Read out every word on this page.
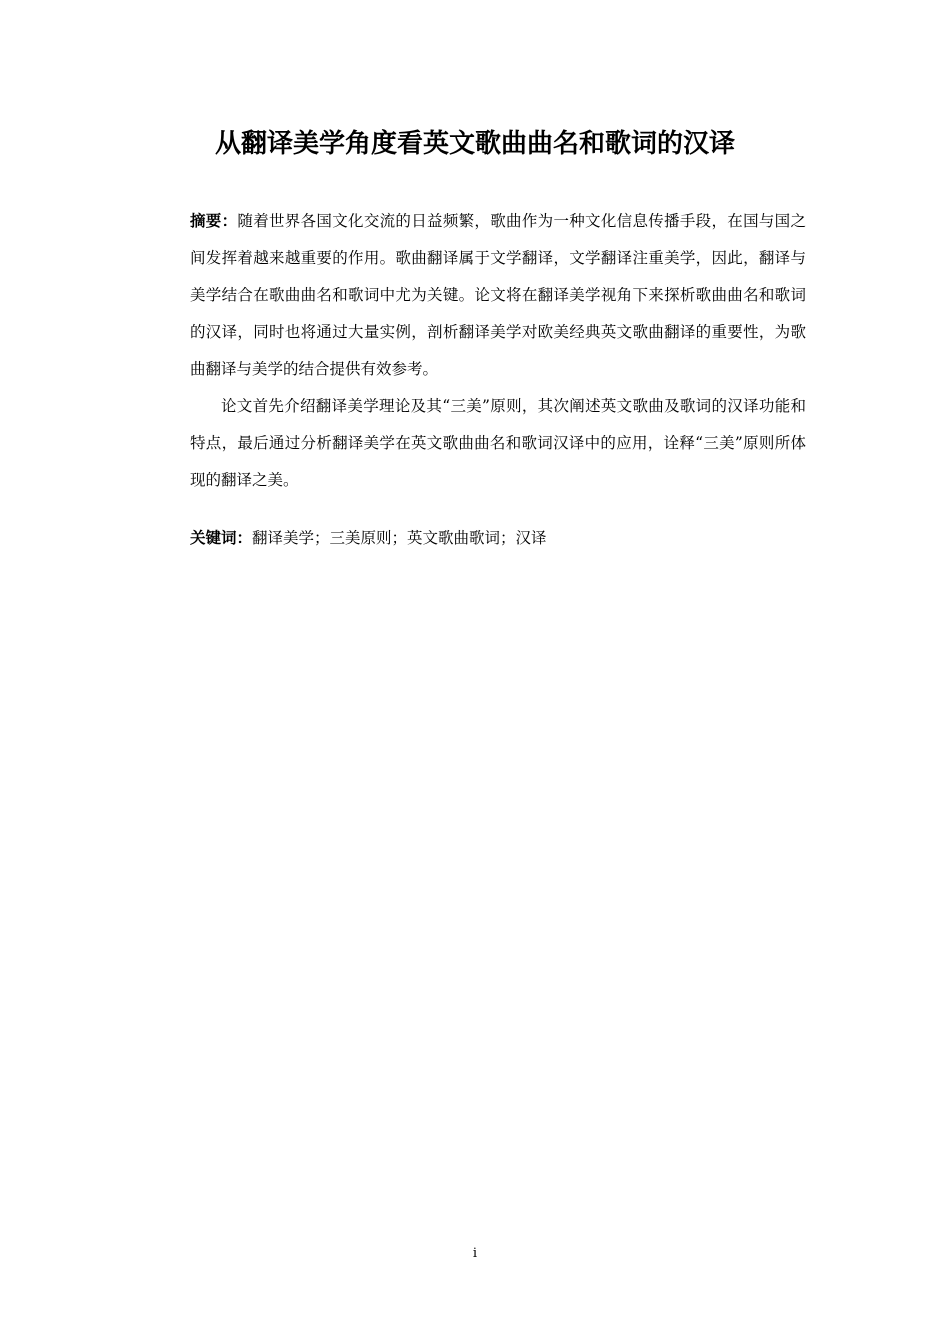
从翻译美学角度看英文歌曲曲名和歌词的汉译

摘要：随着世界各国文化交流的日益频繁，歌曲作为一种文化信息传播手段，在国与国之间发挥着越来越重要的作用。歌曲翻译属于文学翻译，文学翻译注重美学，因此，翻译与美学结合在歌曲曲名和歌词中尤为关键。论文将在翻译美学视角下来探析歌曲曲名和歌词的汉译，同时也将通过大量实例，剖析翻译美学对欧美经典英文歌曲翻译的重要性，为歌曲翻译与美学的结合提供有效参考。

论文首先介绍翻译美学理论及其“三美”原则，其次阐述英文歌曲及歌词的汉译功能和特点，最后通过分析翻译美学在英文歌曲曲名和歌词汉译中的应用，诠释“三美”原则所体现的翻译之美。

关键词：翻译美学；三美原则；英文歌曲歌词；汉译

i
